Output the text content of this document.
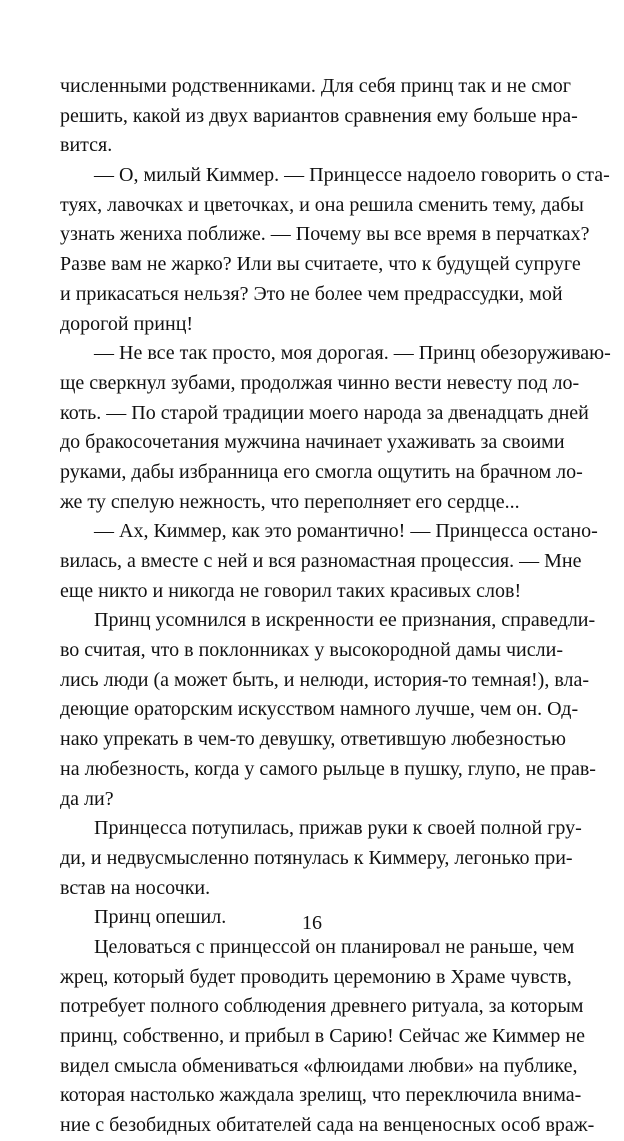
численными родственниками. Для себя принц так и не смог
решить, какой из двух вариантов сравнения ему больше нра-
вится.
— О, милый Киммер. — Принцессе надоело говорить о ста-
туях, лавочках и цветочках, и она решила сменить тему, дабы
узнать жениха поближе. — Почему вы все время в перчатках?
Разве вам не жарко? Или вы считаете, что к будущей супруге
и прикасаться нельзя? Это не более чем предрассудки, мой
дорогой принц!
— Не все так просто, моя дорогая. — Принц обезоруживаю-
ще сверкнул зубами, продолжая чинно вести невесту под ло-
коть. — По старой традиции моего народа за двенадцать дней
до бракосочетания мужчина начинает ухаживать за своими
руками, дабы избранница его смогла ощутить на брачном ло-
же ту спелую нежность, что переполняет его сердце...
— Ах, Киммер, как это романтично! — Принцесса остано-
вилась, а вместе с ней и вся разномастная процессия. — Мне
еще никто и никогда не говорил таких красивых слов!
Принц усомнился в искренности ее признания, справедли-
во считая, что в поклонниках у высокородной дамы числи-
лись люди (а может быть, и нелюди, история-то темная!), вла-
деющие ораторским искусством намного лучше, чем он. Од-
нако упрекать в чем-то девушку, ответившую любезностью
на любезность, когда у самого рыльце в пушку, глупо, не прав-
да ли?
Принцесса потупилась, прижав руки к своей полной гру-
ди, и недвусмысленно потянулась к Киммеру, легонько при-
встав на носочки.
Принц опешил.
Целоваться с принцессой он планировал не раньше, чем
жрец, который будет проводить церемонию в Храме чувств,
потребует полного соблюдения древнего ритуала, за которым
принц, собственно, и прибыл в Сарию! Сейчас же Киммер не
видел смысла обмениваться «флюидами любви» на публике,
которая настолько жаждала зрелищ, что переключила внима-
ние с безобидных обитателей сада на венценосных особ враж-
16
